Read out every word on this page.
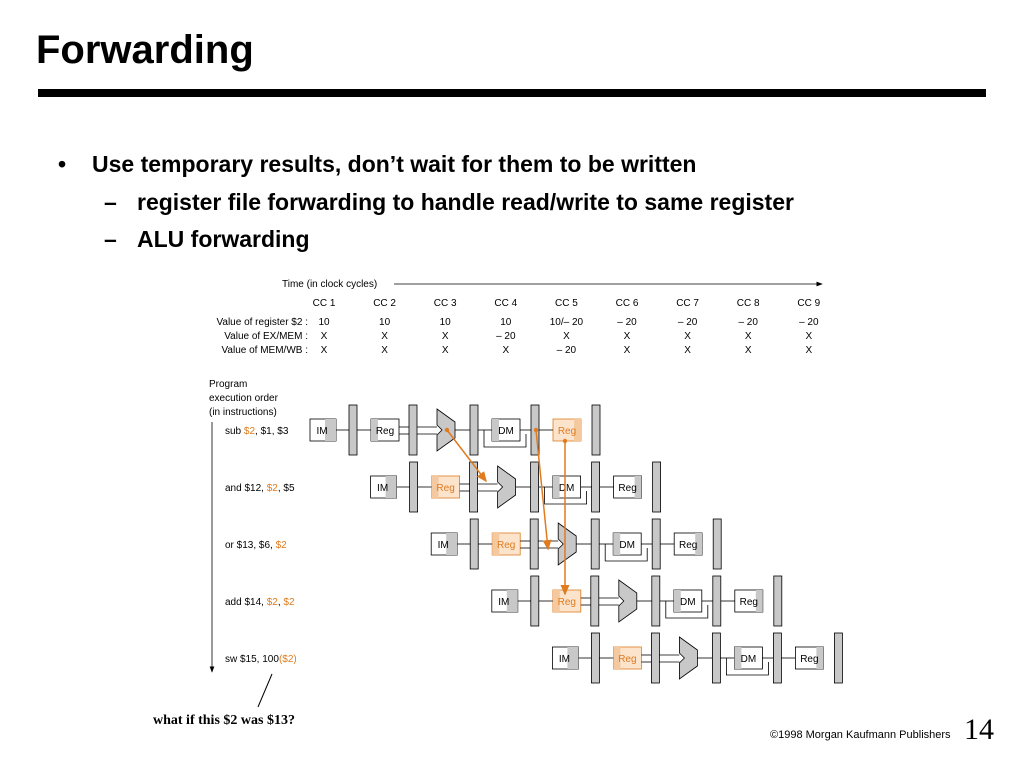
Forwarding
• Use temporary results, don’t wait for them to be written
– register file forwarding to handle read/write to same register
– ALU forwarding
Time (in clock cycles)
CC 1	CC 2	CC 3	CC 4	CC 5	CC 6	CC 7	CC 8	CC 9
Value of register $2 : 10	10	10	10	10/– 20	– 20	– 20	– 20	– 20
Value of EX/MEM : X	X	X	– 20	X	X	X	X	X
Value of MEM/WB : X	X	X	X	– 20	X	X	X	X
Program
execution order
(in instructions)
sub $2, $1, $3	IM	Reg	DM	Reg
and $12, $2, $5	IM	Reg	DM	Reg
or $13, $6, $2	IM	Reg	DM	Reg
add $14, $2, $2	IM	Reg	DM	Reg
sw $15, 100($2)	IM	Reg	DM	Reg
what if this $2 was $13?
©1998 Morgan Kaufmann Publishers 14
